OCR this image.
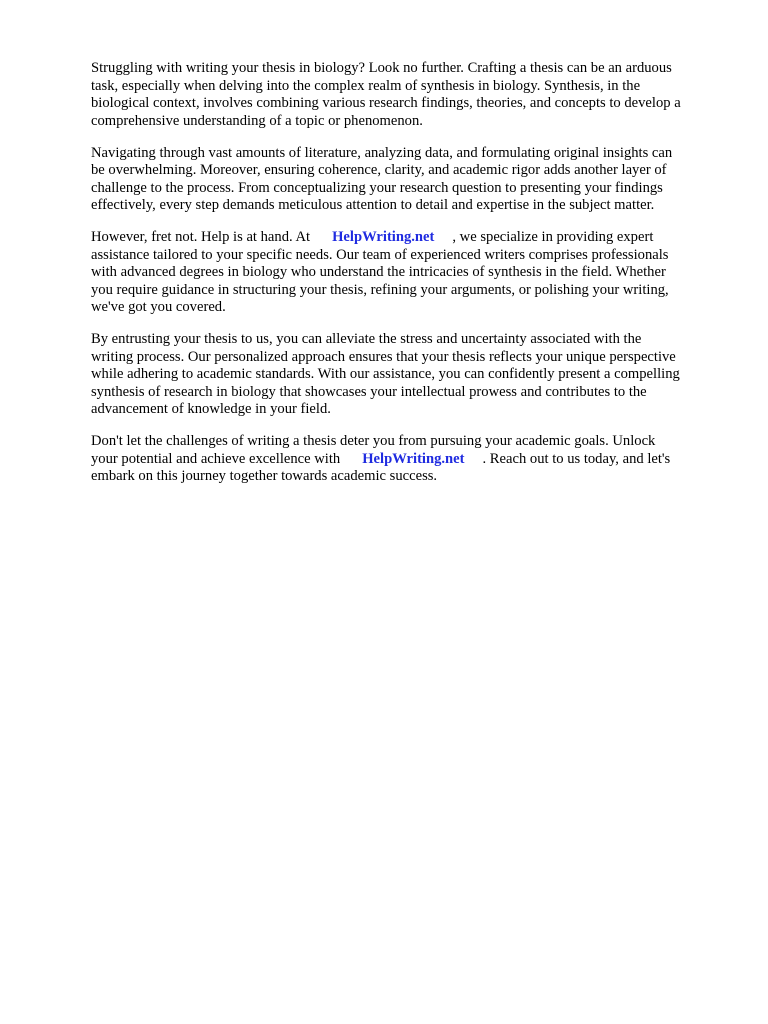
Struggling with writing your thesis in biology? Look no further. Crafting a thesis can be an arduous
task, especially when delving into the complex realm of synthesis in biology. Synthesis, in the
biological context, involves combining various research findings, theories, and concepts to develop a
comprehensive understanding of a topic or phenomenon.

Navigating through vast amounts of literature, analyzing data, and formulating original insights can
be overwhelming. Moreover, ensuring coherence, clarity, and academic rigor adds another layer of
challenge to the process. From conceptualizing your research question to presenting your findings
effectively, every step demands meticulous attention to detail and expertise in the subject matter.

However, fret not. Help is at hand. At HelpWriting.net , we specialize in providing expert
assistance tailored to your specific needs. Our team of experienced writers comprises professionals
with advanced degrees in biology who understand the intricacies of synthesis in the field. Whether
you require guidance in structuring your thesis, refining your arguments, or polishing your writing,
we've got you covered.

By entrusting your thesis to us, you can alleviate the stress and uncertainty associated with the
writing process. Our personalized approach ensures that your thesis reflects your unique perspective
while adhering to academic standards. With our assistance, you can confidently present a compelling
synthesis of research in biology that showcases your intellectual prowess and contributes to the
advancement of knowledge in your field.

Don't let the challenges of writing a thesis deter you from pursuing your academic goals. Unlock
your potential and achieve excellence with HelpWriting.net . Reach out to us today, and let's
embark on this journey together towards academic success.
